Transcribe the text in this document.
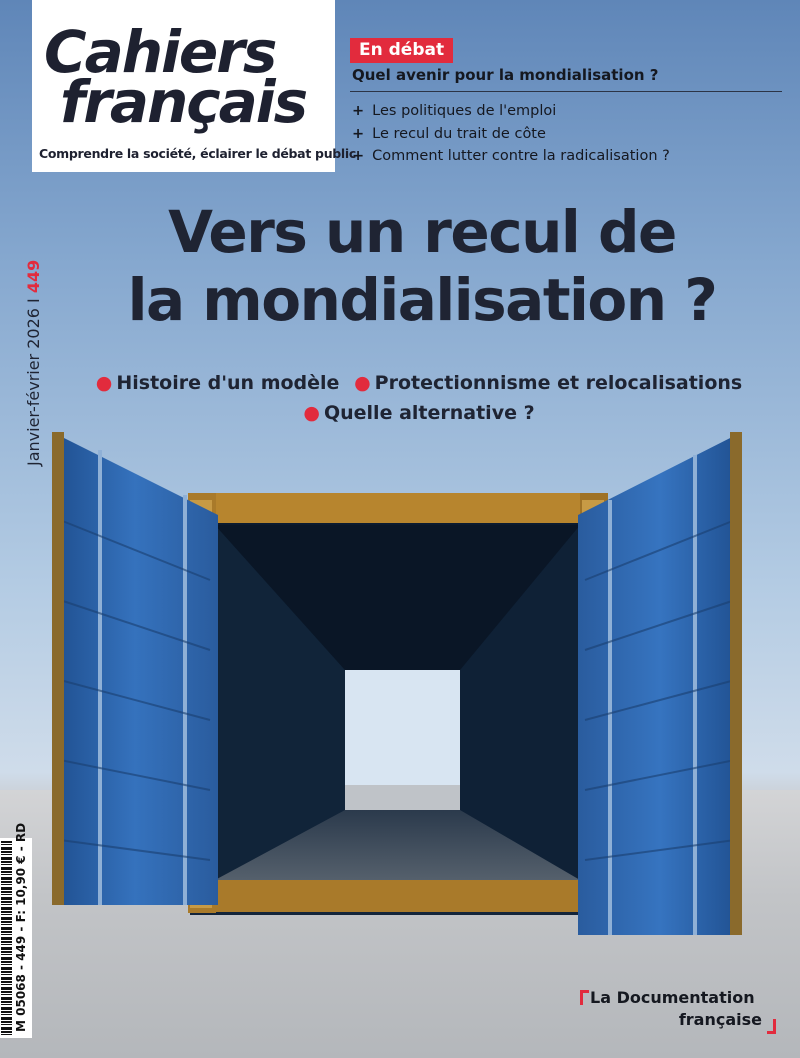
Cahiers
français
Comprendre la société, éclairer le débat public
En débat
Quel avenir pour la mondialisation ?
+ Les politiques de l'emploi
+ Le recul du trait de côte
+ Comment lutter contre la radicalisation ?
Vers un recul de
la mondialisation ?
● Histoire d'un modèle ● Protectionnisme et relocalisations
● Quelle alternative ?
Janvier-février 2026 I 449
M 05068 - 449 - F: 10,90 € - RD	La Documentation
française
